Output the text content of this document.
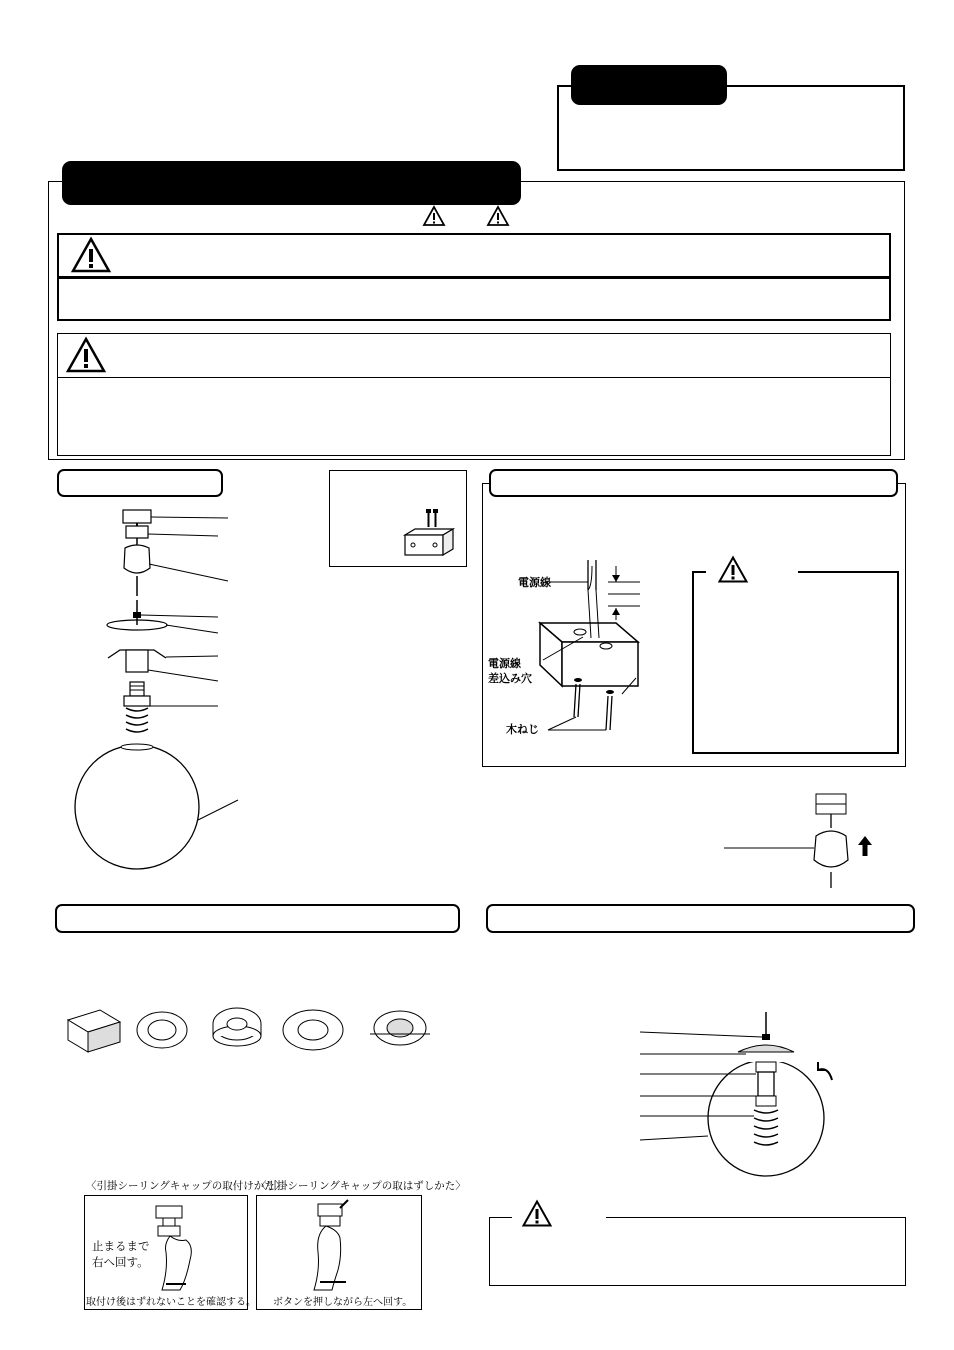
電源線
電源線
差込み穴
木ねじ
〈引掛シーリングキャップの取付けかた〉
〈引掛シーリングキャップの取はずしかた〉
止まるまで
右へ回す。
取付け後はずれないことを確認する。 ボタンを押しながら左へ回す。
